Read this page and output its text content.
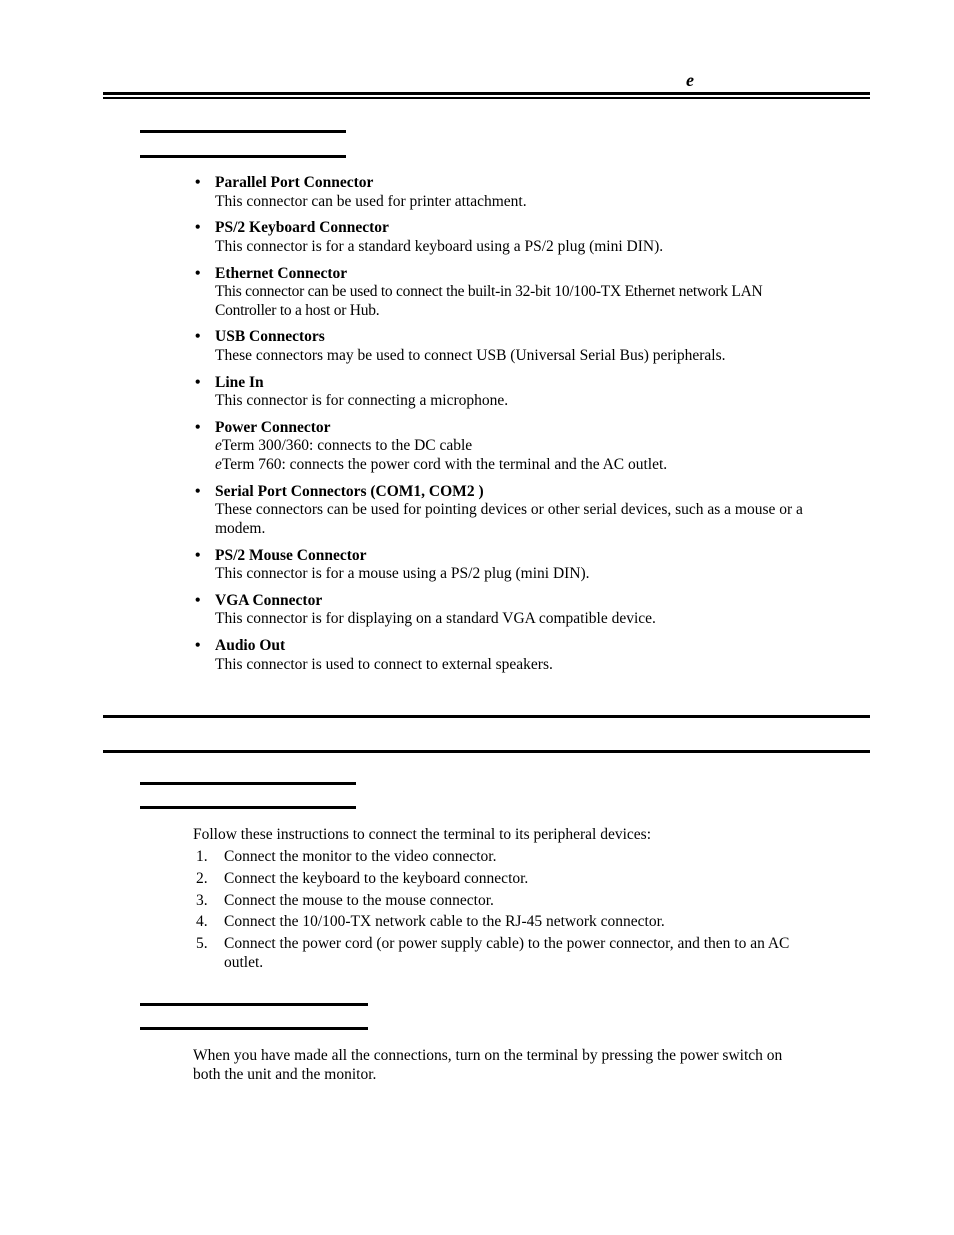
e
• Parallel Port Connector
This connector can be used for printer attachment.
• PS/2 Keyboard Connector
This connector is for a standard keyboard using a PS/2 plug (mini DIN).
• Ethernet Connector
This connector can be used to connect the built-in 32-bit 10/100-TX Ethernet network LAN Controller to a host or Hub.
• USB Connectors
These connectors may be used to connect USB (Universal Serial Bus) peripherals.
• Line In
This connector is for connecting a microphone.
• Power Connector
eTerm 300/360: connects to the DC cable
eTerm 760: connects the power cord with the terminal and the AC outlet.
• Serial Port Connectors (COM1, COM2 )
These connectors can be used for pointing devices or other serial devices, such as a mouse or a modem.
• PS/2 Mouse Connector
This connector is for a mouse using a PS/2 plug (mini DIN).
• VGA Connector
This connector is for displaying on a standard VGA compatible device.
• Audio Out
This connector is used to connect to external speakers.
Follow these instructions to connect the terminal to its peripheral devices:
1. Connect the monitor to the video connector.
2. Connect the keyboard to the keyboard connector.
3. Connect the mouse to the mouse connector.
4. Connect the 10/100-TX network cable to the RJ-45 network connector.
5. Connect the power cord (or power supply cable) to the power connector, and then to an AC outlet.
When you have made all the connections, turn on the terminal by pressing the power switch on both the unit and the monitor.
